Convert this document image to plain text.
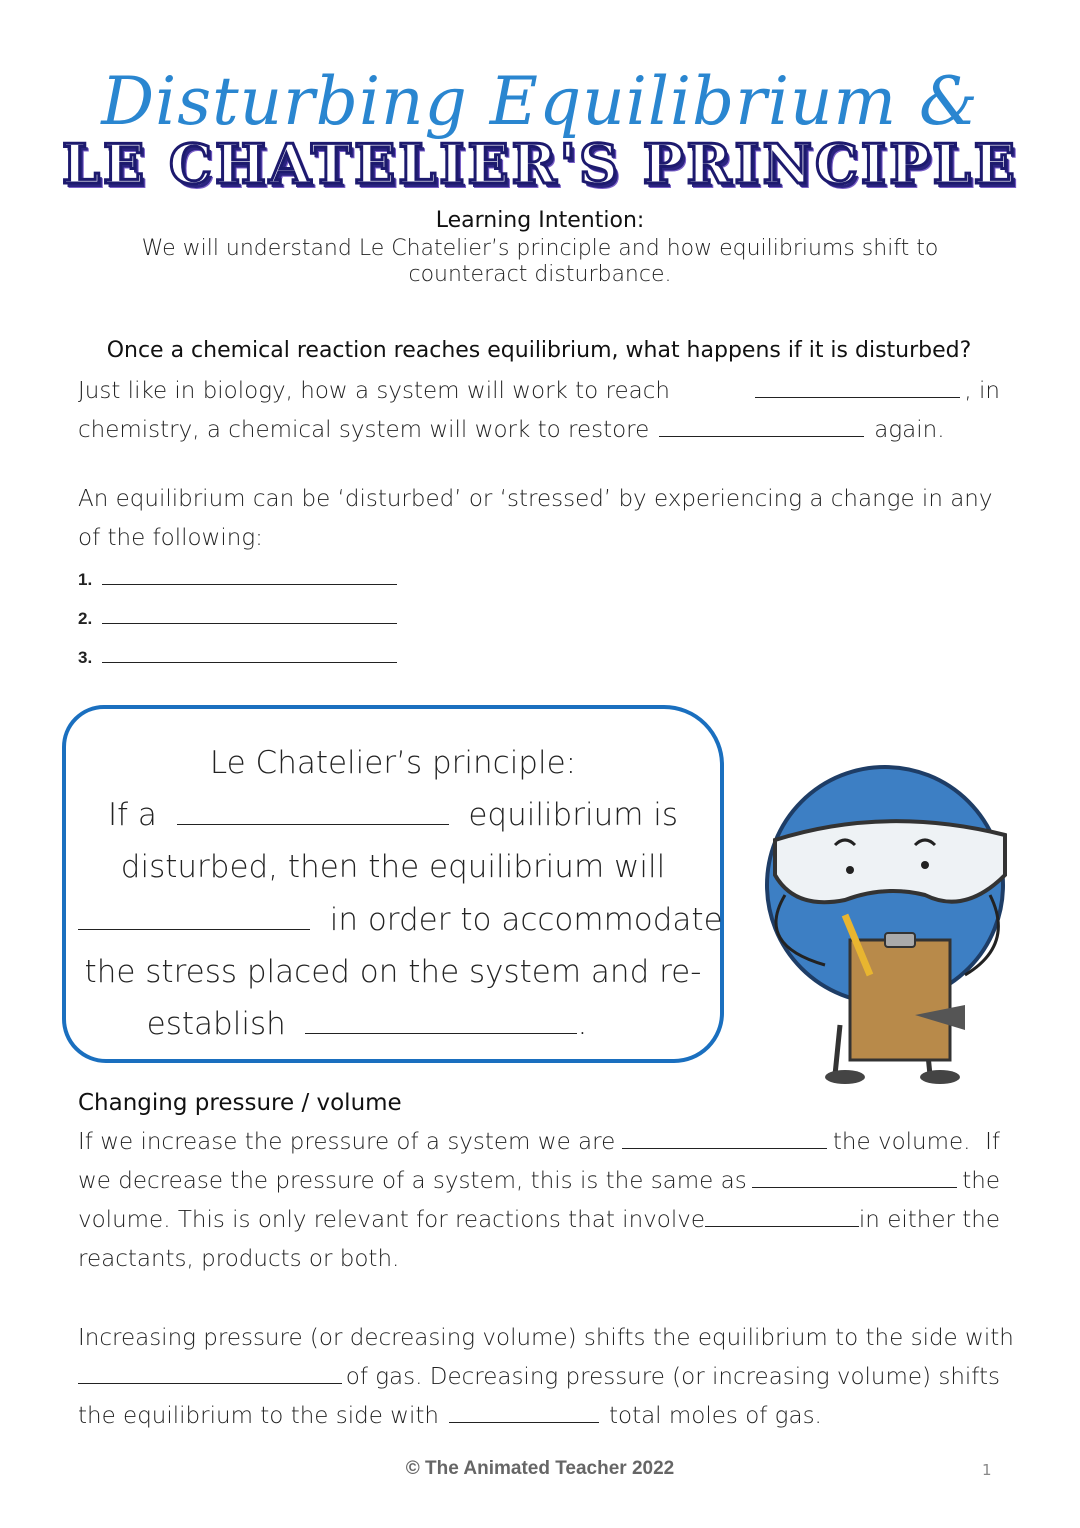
Disturbing Equilibrium &
LE CHATELIER'S PRINCIPLE
Learning Intention:
We will understand Le Chatelier’s principle and how equilibriums shift to counteract disturbance.
Once a chemical reaction reaches equilibrium, what happens if it is disturbed?
Just like in biology, how a system will work to reach	, in
chemistry, a chemical system will work to restore	again.
An equilibrium can be ‘disturbed’ or ‘stressed’ by experiencing a change in any
of the following:
1.
2.
3.
Le Chatelier’s principle:
If a	equilibrium is
disturbed, then the equilibrium will
in order to accommodate
the stress placed on the system and re-
establish	.
Changing pressure / volume
If we increase the pressure of a system we are	the volume.  If
we decrease the pressure of a system, this is the same as	the
volume. This is only relevant for reactions that involve	in either the
reactants, products or both.
Increasing pressure (or decreasing volume) shifts the equilibrium to the side with
of gas. Decreasing pressure (or increasing volume) shifts
the equilibrium to the side with	total moles of gas.
© The Animated Teacher 2022	1
